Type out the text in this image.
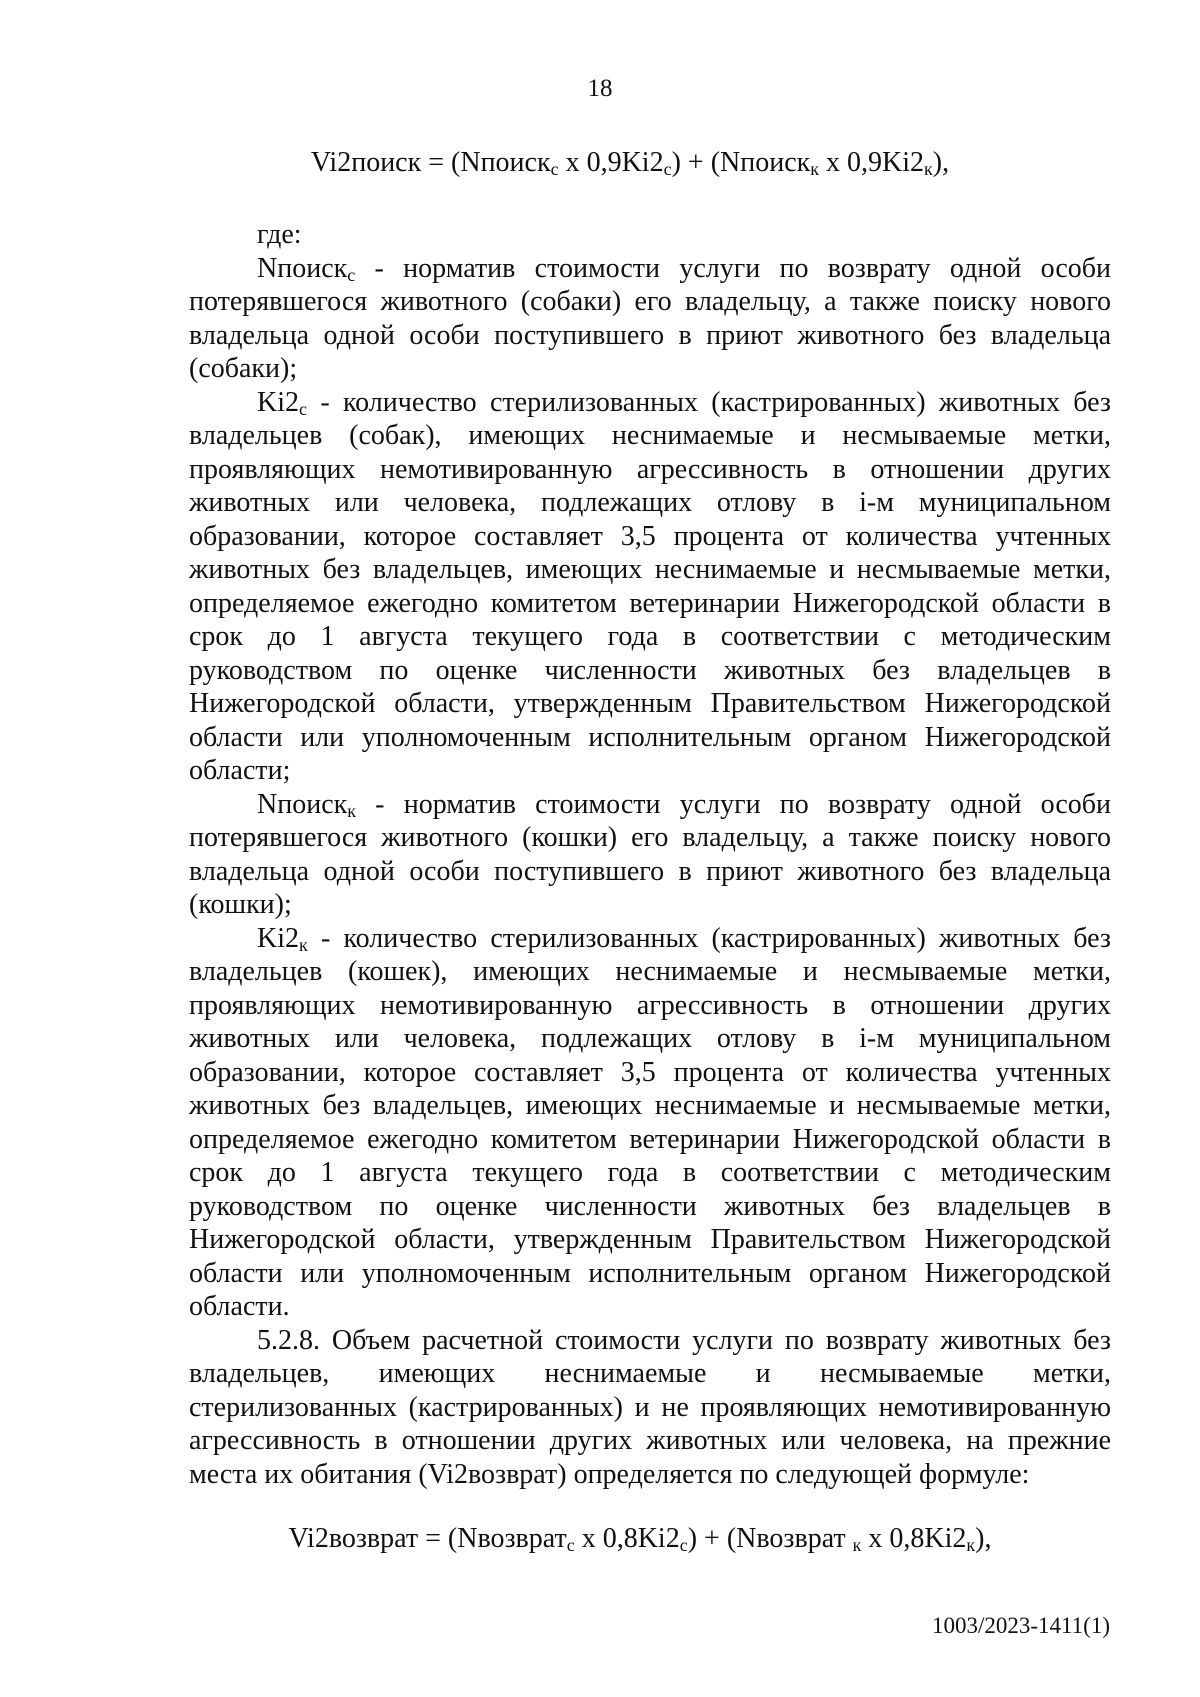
18
Vi2поиск = (Nпоиск$_с$ х $0,9Ki2_с$) + (Nпоиск$_к$ х $0,9Ki2_к$),

где:

Nпоиск$_с$ - норматив стоимости услуги по возврату одной особи потерявшегося животного (собаки) его владельцу, а также поиску нового владельца одной особи поступившего в приют животного без владельца (собаки);

$Ki2_с$ - количество стерилизованных (кастрированных) животных без владельцев (собак), имеющих неснимаемые и несмываемые метки, проявляющих немотивированную агрессивность в отношении других животных или человека, подлежащих отлову в i-м муниципальном образовании, которое составляет 3,5 процента от количества учтенных животных без владельцев, имеющих неснимаемые и несмываемые метки, определяемое ежегодно комитетом ветеринарии Нижегородской области в срок до 1 августа текущего года в соответствии с методическим руководством по оценке численности животных без владельцев в Нижегородской области, утвержденным Правительством Нижегородской области или уполномоченным исполнительным органом Нижегородской области;

Nпоиск$_к$ - норматив стоимости услуги по возврату одной особи потерявшегося животного (кошки) его владельцу, а также поиску нового владельца одной особи поступившего в приют животного без владельца (кошки);

$Ki2_к$ - количество стерилизованных (кастрированных) животных без владельцев (кошек), имеющих неснимаемые и несмываемые метки, проявляющих немотивированную агрессивность в отношении других животных или человека, подлежащих отлову в i-м муниципальном образовании, которое составляет 3,5 процента от количества учтенных животных без владельцев, имеющих неснимаемые и несмываемые метки, определяемое ежегодно комитетом ветеринарии Нижегородской области в срок до 1 августа текущего года в соответствии с методическим руководством по оценке численности животных без владельцев в Нижегородской области, утвержденным Правительством Нижегородской области или уполномоченным исполнительным органом Нижегородской области.

5.2.8. Объем расчетной стоимости услуги по возврату животных без владельцев, имеющих неснимаемые и несмываемые метки, стерилизованных (кастрированных) и не проявляющих немотивированную агрессивность в отношении других животных или человека, на прежние места их обитания (Vi2возврат) определяется по следующей формуле:

Vi2возврат = (Nвозврат$_с$ х $0,8Ki2_с$) + (Nвозврат $_к$ х $0,8Ki2_к$),
1003/2023-1411(1)
